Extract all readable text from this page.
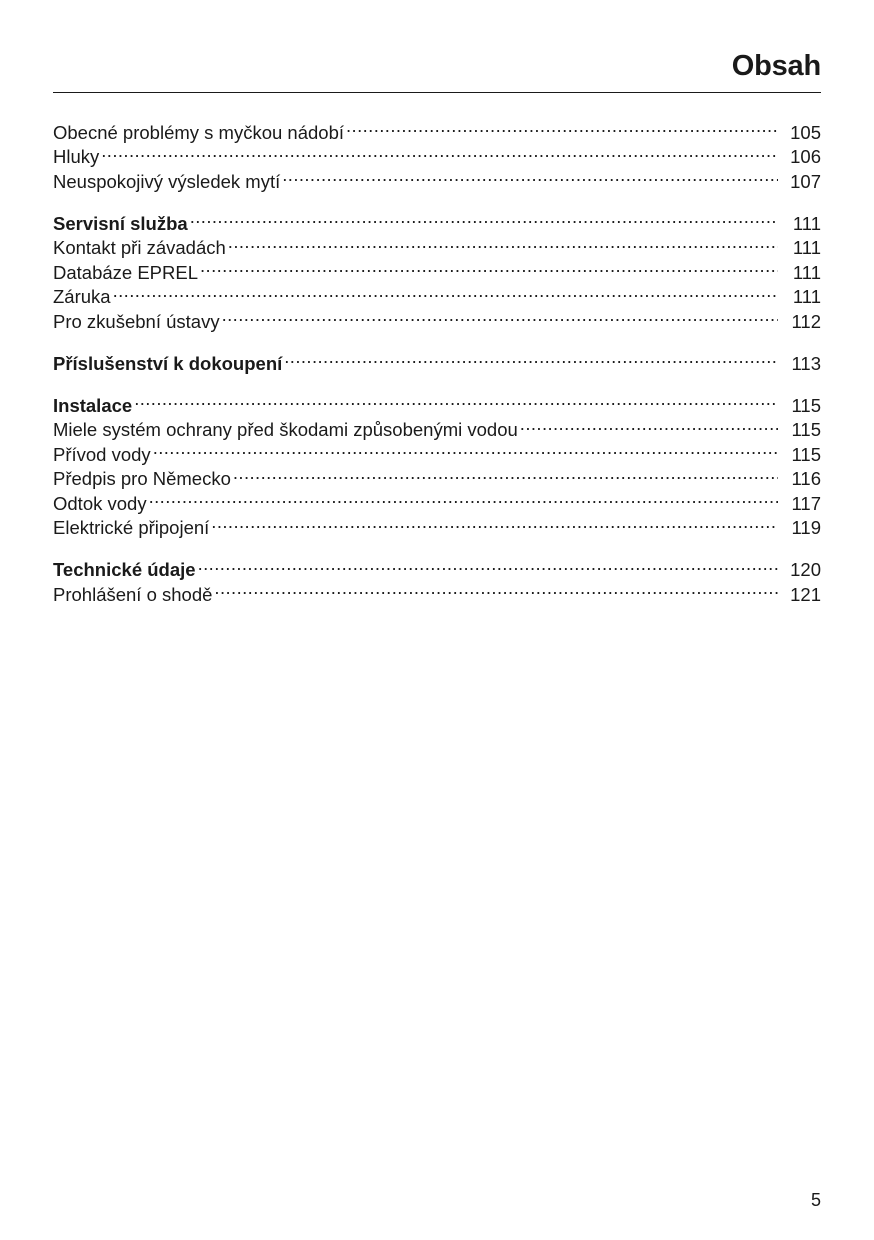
Obsah
Obecné problémy s myčkou nádobí .....	105
Hluky .....	106
Neuspokojivý výsledek mytí .....	107
Servisní služba .....	111
Kontakt při závadách .....	111
Databáze EPREL .....	111
Záruka .....	111
Pro zkušební ústavy .....	112
Příslušenství k dokoupení .....	113
Instalace .....	115
Miele systém ochrany před škodami způsobenými vodou .....	115
Přívod vody .....	115
Předpis pro Německo .....	116
Odtok vody .....	117
Elektrické připojení .....	119
Technické údaje .....	120
Prohlášení o shodě .....	121
5
